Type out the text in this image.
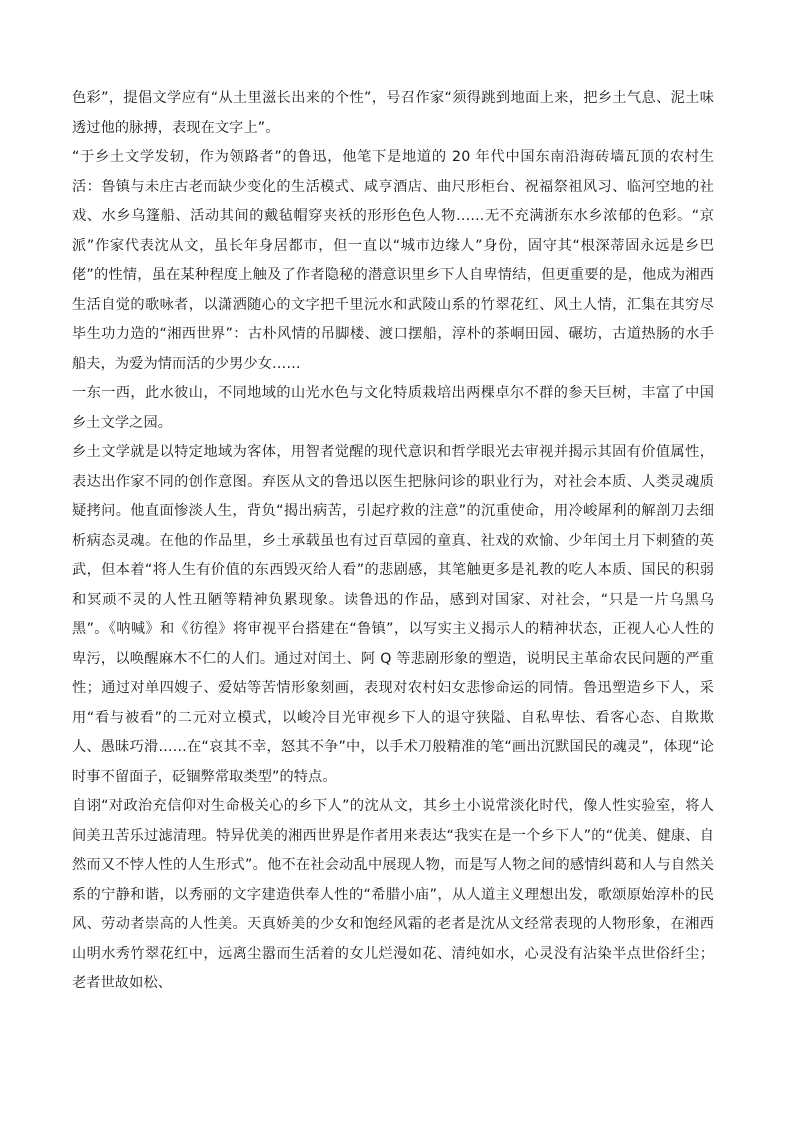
色彩”，提倡文学应有“从土里滋长出来的个性”，号召作家“须得跳到地面上来，把乡土气息、泥土味透过他的脉搏，表现在文字上”。

“于乡土文学发轫，作为领路者”的鲁迅，他笔下是地道的 20 年代中国东南沿海砖墙瓦顶的农村生活：鲁镇与未庄古老而缺少变化的生活模式、咸亨酒店、曲尺形柜台、祝福祭祖风习、临河空地的社戏、水乡乌篷船、活动其间的戴毡帽穿夹袄的形形色色人物……无不充满浙东水乡浓郁的色彩。“京派”作家代表沈从文，虽长年身居都市，但一直以“城市边缘人”身份，固守其“根深蒂固永远是乡巴佬”的性情，虽在某种程度上触及了作者隐秘的潜意识里乡下人自卑情结，但更重要的是，他成为湘西生活自觉的歌咏者，以潇洒随心的文字把千里沅水和武陵山系的竹翠花红、风土人情，汇集在其穷尽毕生功力造的“湘西世界”：古朴风情的吊脚楼、渡口摆船，淳朴的茶峒田园、碾坊，古道热肠的水手船夫，为爱为情而活的少男少女……

一东一西，此水彼山，不同地域的山光水色与文化特质栽培出两棵卓尔不群的参天巨树，丰富了中国乡土文学之园。

乡土文学就是以特定地域为客体，用智者觉醒的现代意识和哲学眼光去审视并揭示其固有价值属性，表达出作家不同的创作意图。弃医从文的鲁迅以医生把脉问诊的职业行为，对社会本质、人类灵魂质疑拷问。他直面惨淡人生，背负“揭出病苦，引起疗救的注意”的沉重使命，用冷峻犀利的解剖刀去细析病态灵魂。在他的作品里，乡土承载虽也有过百草园的童真、社戏的欢愉、少年闰土月下刺猹的英武，但本着“将人生有价值的东西毁灭给人看”的悲剧感，其笔触更多是礼教的吃人本质、国民的积弱和冥顽不灵的人性丑陋等精神负累现象。读鲁迅的作品，感到对国家、对社会，“只是一片乌黑乌黑”。《呐喊》和《彷徨》将审视平台搭建在“鲁镇”，以写实主义揭示人的精神状态，正视人心人性的卑污，以唤醒麻木不仁的人们。通过对闰土、阿 Q 等悲剧形象的塑造，说明民主革命农民问题的严重性；通过对单四嫂子、爱姑等苦情形象刻画，表现对农村妇女悲惨命运的同情。鲁迅塑造乡下人，采用“看与被看”的二元对立模式，以峻冷目光审视乡下人的退守狭隘、自私卑怯、看客心态、自欺欺人、愚昧巧滑……在“哀其不幸，怒其不争”中，以手术刀般精准的笔“画出沉默国民的魂灵”，体现“论时事不留面子，砭锢弊常取类型”的特点。

自诩“对政治充信仰对生命极关心的乡下人”的沈从文，其乡土小说常淡化时代，像人性实验室，将人间美丑苦乐过滤清理。特异优美的湘西世界是作者用来表达“我实在是一个乡下人”的“优美、健康、自然而又不悖人性的人生形式”。他不在社会动乱中展现人物，而是写人物之间的感情纠葛和人与自然关系的宁静和谐，以秀丽的文字建造供奉人性的“希腊小庙”，从人道主义理想出发，歌颂原始淳朴的民风、劳动者崇高的人性美。天真娇美的少女和饱经风霜的老者是沈从文经常表现的人物形象，在湘西山明水秀竹翠花红中，远离尘嚣而生活着的女儿烂漫如花、清纯如水，心灵没有沾染半点世俗纤尘；老者世故如松、
